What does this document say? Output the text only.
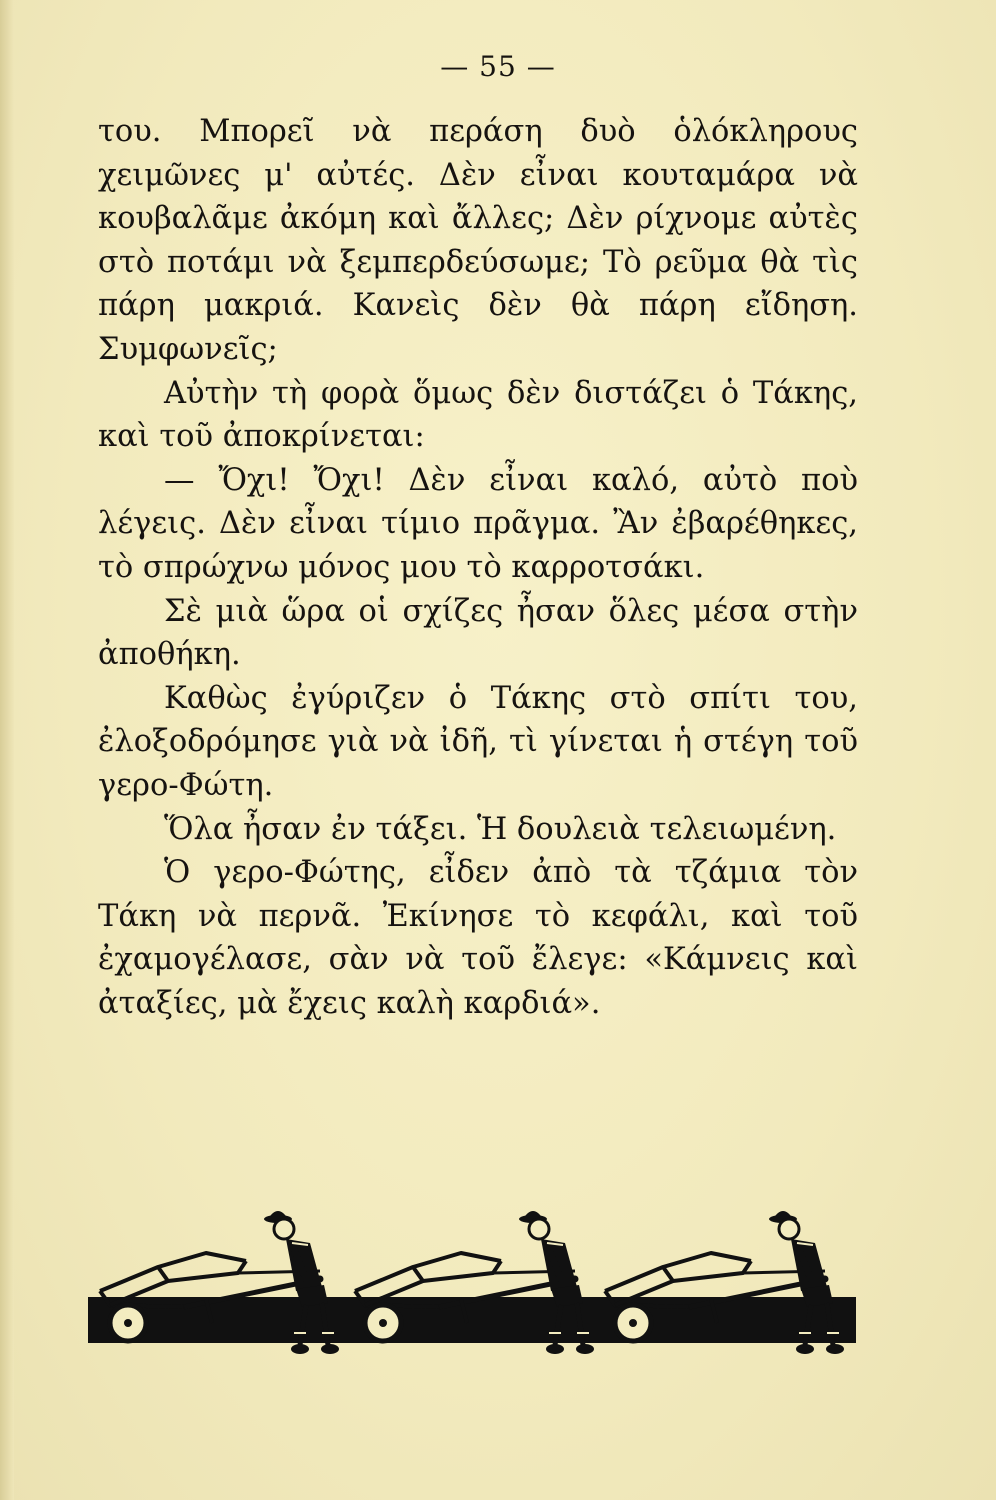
— 55 —

του. Μπορεῖ νὰ περάση δυὸ ὁλόκληρους χειμῶνες μ' αὐτές. Δὲν εἶναι κουταμάρα νὰ κουβαλᾶμε ἀκόμη καὶ ἄλλες; Δὲν ρίχνομε αὐτὲς στὸ ποτάμι νὰ ξεμπερδεύσωμε; Τὸ ρεῦμα θὰ τὶς πάρη μακριά. Κανεὶς δὲν θὰ πάρη εἴδηση. Συμφωνεῖς;

Αὐτὴν τὴ φορὰ ὅμως δὲν διστάζει ὁ Τάκης, καὶ τοῦ ἀποκρίνεται:

— Ὄχι! Ὄχι! Δὲν εἶναι καλό, αὐτὸ ποὺ λέγεις. Δὲν εἶναι τίμιο πρᾶγμα. Ἂν ἐβαρέθηκες, τὸ σπρώχνω μόνος μου τὸ καρροτσάκι.

Σὲ μιὰ ὥρα οἱ σχίζες ἦσαν ὅλες μέσα στὴν ἀποθήκη.

Καθὼς ἐγύριζεν ὁ Τάκης στὸ σπίτι του, ἐλοξοδρόμησε γιὰ νὰ ἰδῆ, τὶ γίνεται ἡ στέγη τοῦ γερο-Φώτη.

Ὅλα ἦσαν ἐν τάξει. Ἡ δουλειὰ τελειωμένη.

Ὁ γερο-Φώτης, εἶδεν ἀπὸ τὰ τζάμια τὸν Τάκη νὰ περνᾶ. Ἐκίνησε τὸ κεφάλι, καὶ τοῦ ἐχαμογέλασε, σὰν νὰ τοῦ ἔλεγε: «Κάμνεις καὶ ἀταξίες, μὰ ἔχεις καλὴ καρδιά».
